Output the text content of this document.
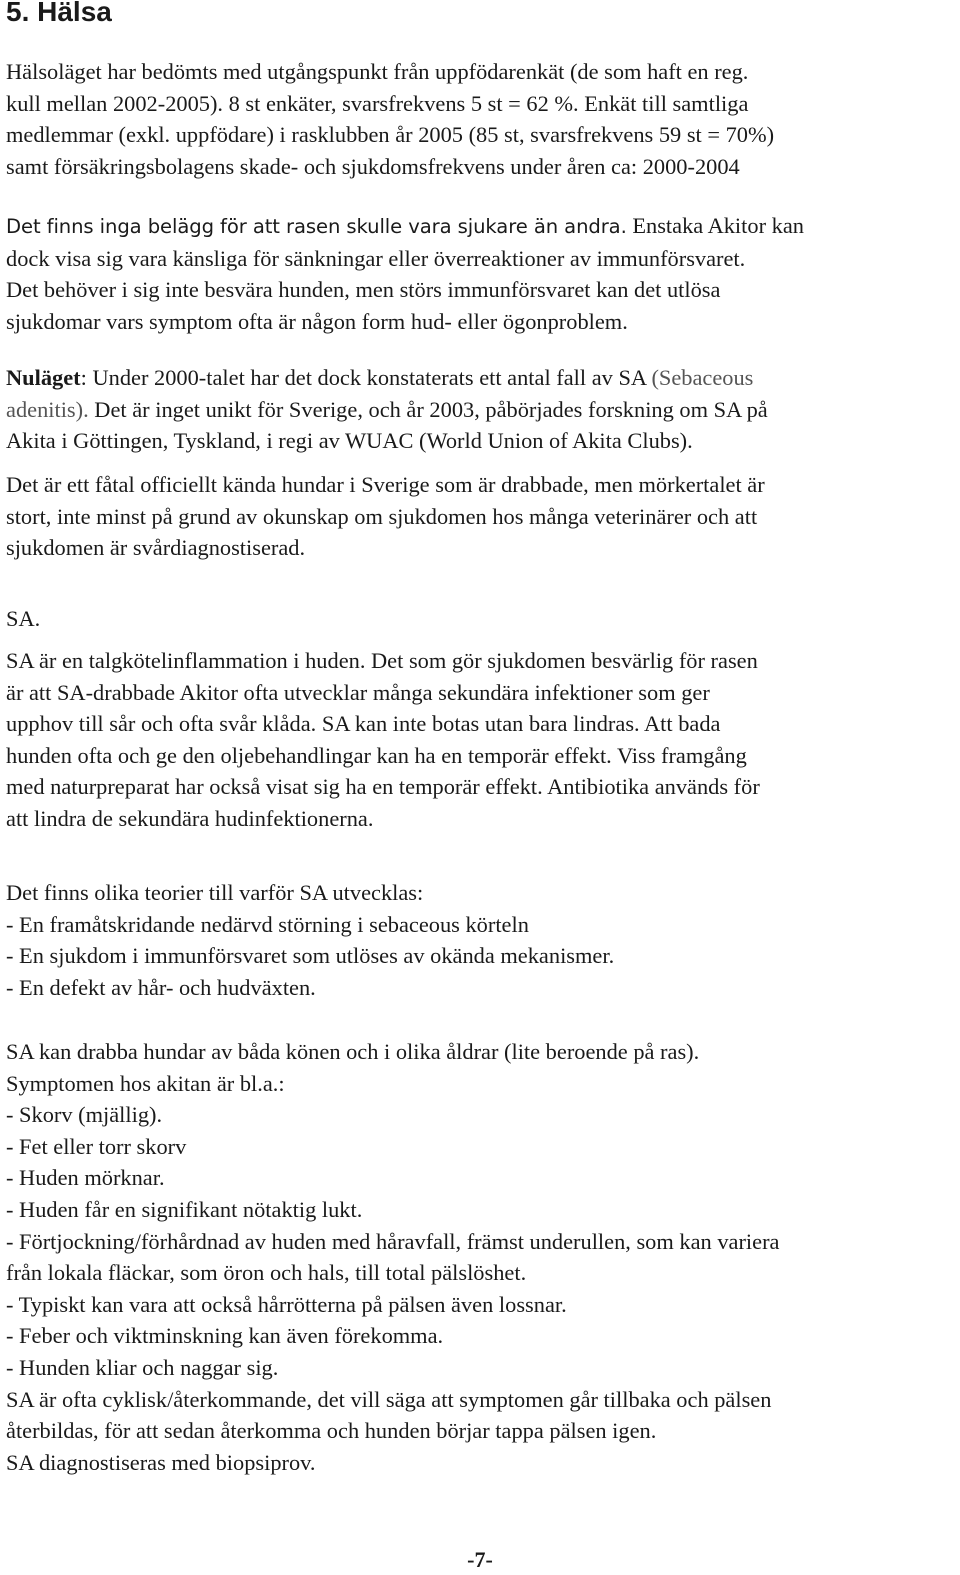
5. Hälsa
Hälsoläget har bedömts med utgångspunkt från uppfödarenkät (de som haft en reg.
kull mellan 2002-2005). 8 st enkäter, svarsfrekvens 5 st = 62 %. Enkät till samtliga
medlemmar (exkl. uppfödare) i rasklubben år 2005 (85 st, svarsfrekvens 59 st = 70%)
samt försäkringsbolagens skade- och sjukdomsfrekvens under åren ca: 2000-2004
Det finns inga belägg för att rasen skulle vara sjukare än andra. Enstaka Akitor kan
dock visa sig vara känsliga för sänkningar eller överreaktioner av immunförsvaret.
Det behöver i sig inte besvära hunden, men störs immunförsvaret kan det utlösa
sjukdomar vars symptom ofta är någon form hud- eller ögonproblem.
Nuläget: Under 2000-talet har det dock konstaterats ett antal fall av SA (Sebaceous
adenitis). Det är inget unikt för Sverige, och år 2003, påbörjades forskning om SA på
Akita i Göttingen, Tyskland, i regi av WUAC (World Union of Akita Clubs).
Det är ett fåtal officiellt kända hundar i Sverige som är drabbade, men mörkertalet är
stort, inte minst på grund av okunskap om sjukdomen hos många veterinärer och att
sjukdomen är svårdiagnostiserad.
SA.
SA är en talgkötelinflammation i huden. Det som gör sjukdomen besvärlig för rasen
är att SA-drabbade Akitor ofta utvecklar många sekundära infektioner som ger
upphov till sår och ofta svår klåda. SA kan inte botas utan bara lindras. Att bada
hunden ofta och ge den oljebehandlingar kan ha en temporär effekt. Viss framgång
med naturpreparat har också visat sig ha en temporär effekt. Antibiotika används för
att lindra de sekundära hudinfektionerna.
Det finns olika teorier till varför SA utvecklas:
- En framåtskridande nedärvd störning i sebaceous körteln
- En sjukdom i immunförsvaret som utlöses av okända mekanismer.
- En defekt av hår- och hudväxten.
SA kan drabba hundar av båda könen och i olika åldrar (lite beroende på ras).
Symptomen hos akitan är bl.a.:
- Skorv (mjällig).
- Fet eller torr skorv
- Huden mörknar.
- Huden får en signifikant nötaktig lukt.
- Förtjockning/förhårdnad av huden med håravfall, främst underullen, som kan variera
från lokala fläckar, som öron och hals, till total pälslöshet.
- Typiskt kan vara att också hårrötterna på pälsen även lossnar.
- Feber och viktminskning kan även förekomma.
- Hunden kliar och naggar sig.
SA är ofta cyklisk/återkommande, det vill säga att symptomen går tillbaka och pälsen
återbildas, för att sedan återkomma och hunden börjar tappa pälsen igen.
SA diagnostiseras med biopsiprov.
-7-
